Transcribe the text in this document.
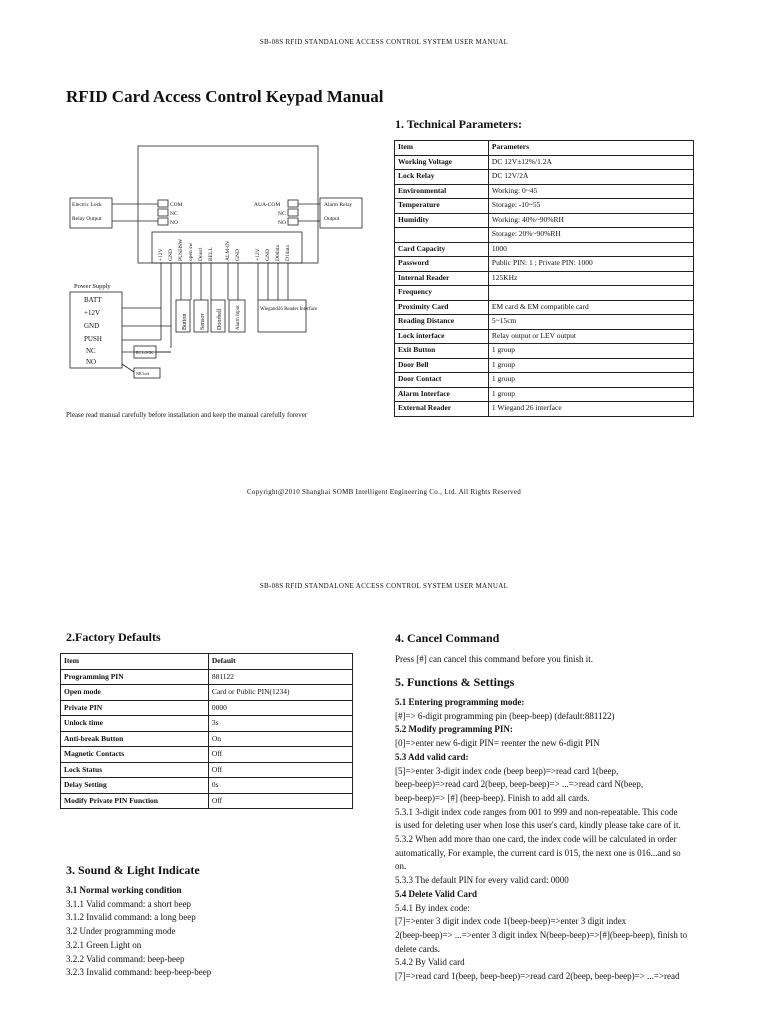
SB-08S RFID STANDALONE ACCESS CONTROL SYSTEM USER MANUAL
RFID Card Access Control Keypad Manual
1. Technical Parameters:
Item	Parameters
Working Voltage	DC 12V±12%/1.2A
Lock Relay	DC 12V/2A
Environmental	Working: 0~45
Temperature	Storage: -10~55
Humidity	Working: 40%~90%RH
	Storage: 20%~90%RH
Card Capacity	1000
Password	Public PIN: 1 ; Private PIN: 1000
Internal Reader	125KHz
Frequency	
Proximity Card	EM card & EM compatible card
Reading Distance	5~15cm
Lock interface	Relay output or LEV output
Exit Button	1 group
Door Bell	1 group
Door Contact	1 group
Alarm Interface	1 group
External Reader	1 Wiegand 26 interface
Electric Lock
Relay Output
COM
NC
NO
AUA-COM
NC
NO
Alarm Relay
Output
Power Supply
BATT
+12V
GND
PUSH
NC
NO
EC LOCK
NB lock
Wiegand26 Reader Interface
+12V GND PUSHSW open sw Door1 BELL ALM-IN GND	+12V GND D0data D1data
Button Sensor Doorbell	Alarm Input
Please read manual carefully before installation and keep the manual carefully forever
Copyright@2010 Shanghai SOMB Intelligent Engineering Co., Ltd. All Rights Reserved
SB-08S RFID STANDALONE ACCESS CONTROL SYSTEM USER MANUAL
2.Factory Defaults
Item	Default
Programming PIN	881122
Open mode	Card or Public PIN(1234)
Private PIN	0000
Unlock time	3s
Anti-break Button	On
Magnetic Contacts	Off
Lock Status	Off
Delay Setting	0s
Modify Private PIN Function	Off
3. Sound & Light Indicate
3.1 Normal working condition
3.1.1 Valid command: a short beep
3.1.2 Invalid command: a long beep
3.2 Under programming mode
3.2.1 Green Light on
3.2.2 Valid command: beep-beep
3.2.3 Invalid command: beep-beep-beep
4. Cancel Command
Press [#] can cancel this command before you finish it.
5. Functions & Settings
5.1 Entering programming mode:
[#]=> 6-digit programming pin (beep-beep) (default:881122)
5.2 Modify programming PIN:
[0]=>enter new 6-digit PIN= reenter the new 6-digit PIN
5.3 Add valid card:
[5]=>enter 3-digit index code (beep beep)=>read card 1(beep,
beep-beep)=>read card 2(beep, beep-beep)=> ...=>read card N(beep,
beep-beep)=> [#] (beep-beep). Finish to add all cards.
5.3.1 3-digit index code ranges from 001 to 999 and non-repeatable. This code
is used for deleting user when lose this user's card, kindly please take care of it.
5.3.2 When add more than one card, the index code will be calculated in order
automatically, For example, the current card is 015, the next one is 016...and so
on.
5.3.3 The default PIN for every valid card: 0000
5.4 Delete Valid Card
5.4.1 By index code:
[7]=>enter 3 digit index code 1(beep-beep)=>enter 3 digit index
2(beep-beep)=> ...=>enter 3 digit index N(beep-beep)=>[#](beep-beep), finish to
delete cards.
5.4.2 By Valid card
[7]=>read card 1(beep, beep-beep)=>read card 2(beep, beep-beep)=> ...=>read
